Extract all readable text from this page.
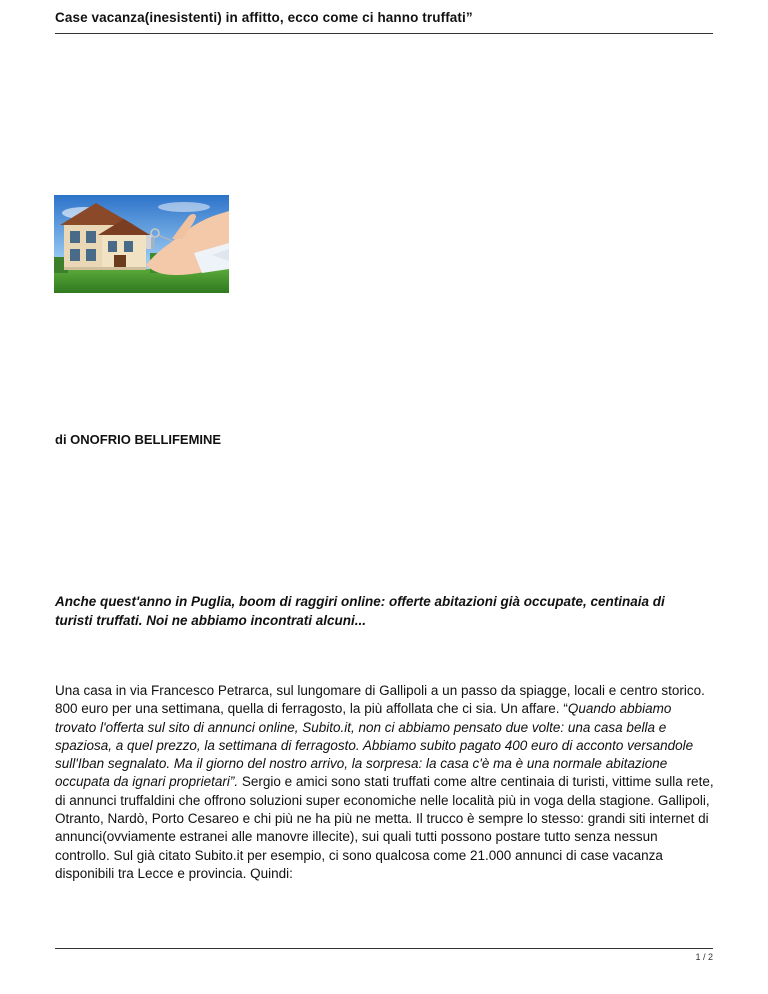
Case vacanza(inesistenti) in affitto, ecco come ci hanno truffati”
di ONOFRIO BELLIFEMINE
Anche quest'anno in Puglia, boom di raggiri online: offerte abitazioni già occupate, centinaia di turisti truffati. Noi ne abbiamo incontrati alcuni...
Una casa in via Francesco Petrarca, sul lungomare di Gallipoli a un passo da spiagge, locali e centro storico. 800 euro per una settimana, quella di ferragosto, la più affollata che ci sia. Un affare. “Quando abbiamo trovato l'offerta sul sito di annunci online, Subito.it, non ci abbiamo pensato due volte: una casa bella e spaziosa, a quel prezzo, la settimana di ferragosto. Abbiamo subito pagato 400 euro di acconto versandole sull'Iban segnalato. Ma il giorno del nostro arrivo, la sorpresa: la casa c'è ma è una normale abitazione occupata da ignari proprietari”. Sergio e amici sono stati truffati come altre centinaia di turisti, vittime sulla rete, di annunci truffaldini che offrono soluzioni super economiche nelle località più in voga della stagione. Gallipoli, Otranto, Nardò, Porto Cesareo e chi più ne ha più ne metta. Il trucco è sempre lo stesso: grandi siti internet di annunci(ovviamente estranei alle manovre illecite), sui quali tutti possono postare tutto senza nessun controllo. Sul già citato Subito.it per esempio, ci sono qualcosa come 21.000 annunci di case vacanza disponibili tra Lecce e provincia. Quindi:
1 / 2
